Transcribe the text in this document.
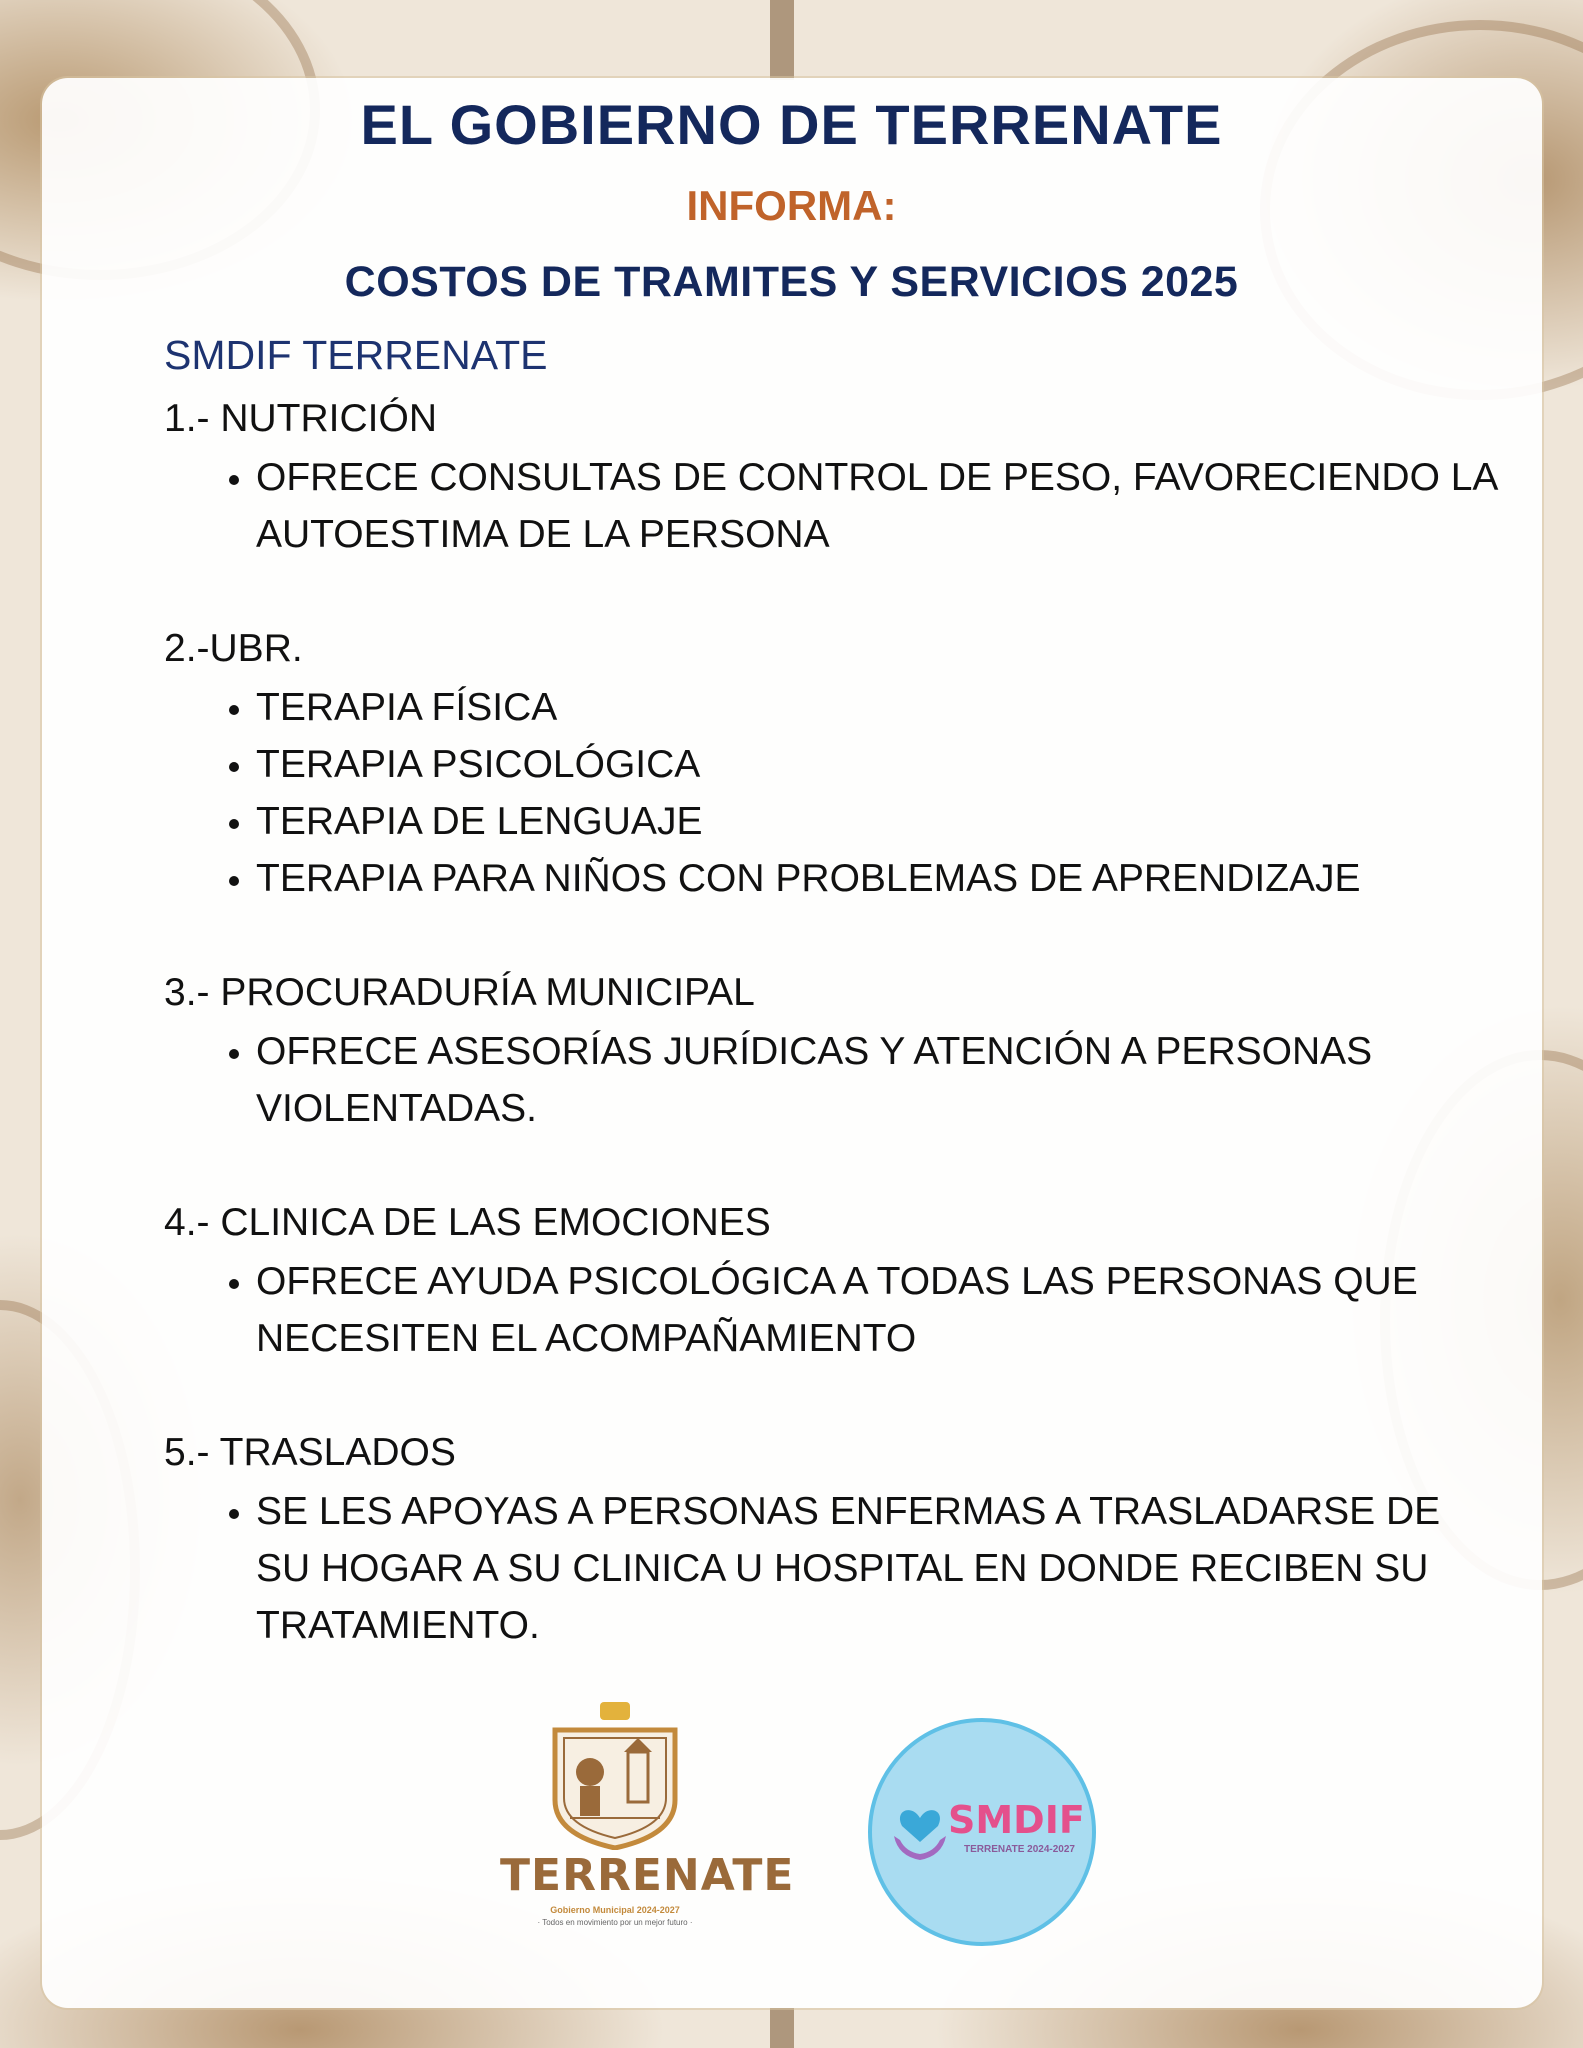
EL GOBIERNO DE TERRENATE
INFORMA:
COSTOS DE TRAMITES Y SERVICIOS 2025
SMDIF TERRENATE
1.- NUTRICIÓN
• OFRECE CONSULTAS DE CONTROL DE PESO, FAVORECIENDO LA AUTOESTIMA DE LA PERSONA
2.-UBR.
• TERAPIA FÍSICA
• TERAPIA PSICOLÓGICA
• TERAPIA DE LENGUAJE
• TERAPIA PARA NIÑOS CON PROBLEMAS DE APRENDIZAJE
3.- PROCURADURÍA MUNICIPAL
• OFRECE ASESORÍAS JURÍDICAS Y ATENCIÓN A PERSONAS VIOLENTADAS.
4.- CLINICA DE LAS EMOCIONES
• OFRECE AYUDA PSICOLÓGICA A TODAS LAS PERSONAS QUE NECESITEN EL ACOMPAÑAMIENTO
5.- TRASLADOS
• SE LES APOYAS A PERSONAS ENFERMAS A TRASLADARSE DE SU HOGAR A SU CLINICA U HOSPITAL EN DONDE RECIBEN SU TRATAMIENTO.
TERRENATE
Gobierno Municipal 2024-2027
· Todos en movimiento por un mejor futuro ·
SMDIF
TERRENATE 2024-2027
